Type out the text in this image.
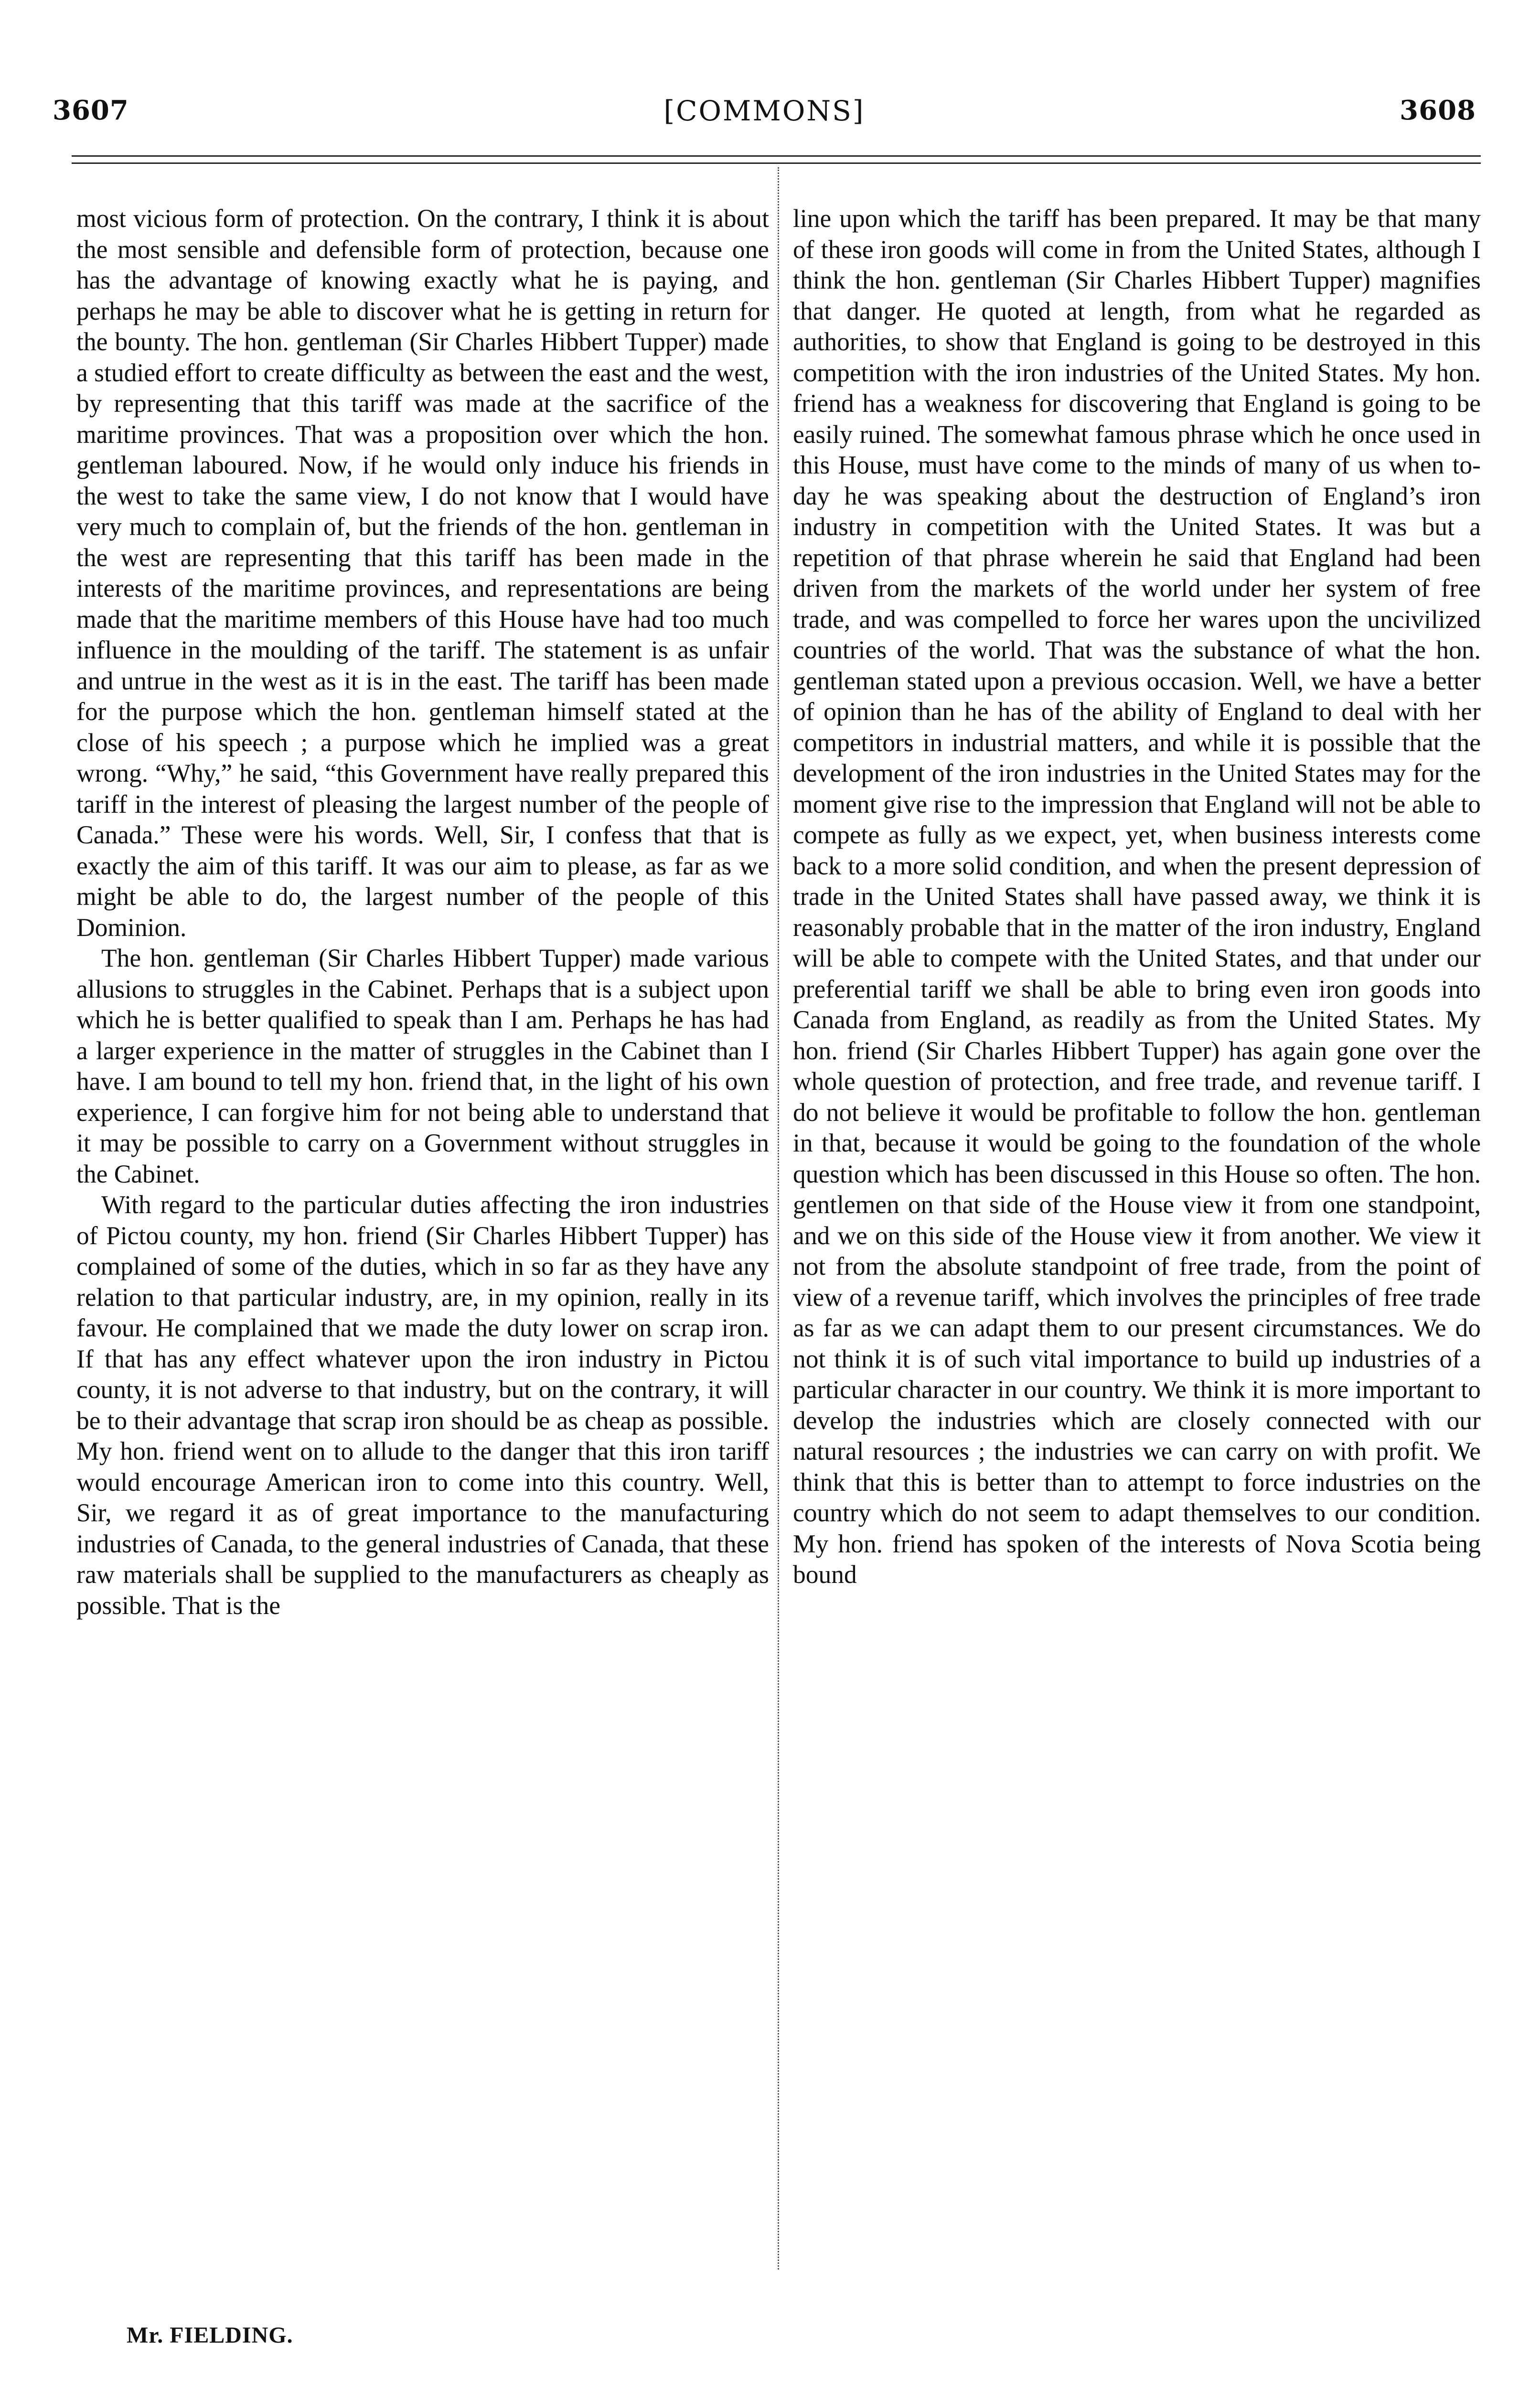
3607	[COMMONS]	3608

most vicious form of protection. On the contrary, I think it is about the most sensible and defensible form of protection, because one has the advantage of knowing exactly what he is paying, and perhaps he may be able to discover what he is getting in return for the bounty. The hon. gentleman (Sir Charles Hibbert Tupper) made a studied effort to create difficulty as between the east and the west, by representing that this tariff was made at the sacrifice of the maritime provinces. That was a proposition over which the hon. gentleman laboured. Now, if he would only induce his friends in the west to take the same view, I do not know that I would have very much to complain of, but the friends of the hon. gentleman in the west are representing that this tariff has been made in the interests of the maritime provinces, and representations are being made that the maritime members of this House have had too much influence in the moulding of the tariff. The statement is as unfair and untrue in the west as it is in the east. The tariff has been made for the purpose which the hon. gentleman himself stated at the close of his speech ; a purpose which he implied was a great wrong. “Why,” he said, “this Government have really prepared this tariff in the interest of pleasing the largest number of the people of Canada.” These were his words. Well, Sir, I confess that that is exactly the aim of this tariff. It was our aim to please, as far as we might be able to do, the largest number of the people of this Dominion.

The hon. gentleman (Sir Charles Hibbert Tupper) made various allusions to struggles in the Cabinet. Perhaps that is a subject upon which he is better qualified to speak than I am. Perhaps he has had a larger experience in the matter of struggles in the Cabinet than I have. I am bound to tell my hon. friend that, in the light of his own experience, I can forgive him for not being able to understand that it may be possible to carry on a Government without struggles in the Cabinet.

With regard to the particular duties affecting the iron industries of Pictou county, my hon. friend (Sir Charles Hibbert Tupper) has complained of some of the duties, which in so far as they have any relation to that particular industry, are, in my opinion, really in its favour. He complained that we made the duty lower on scrap iron. If that has any effect whatever upon the iron industry in Pictou county, it is not adverse to that industry, but on the contrary, it will be to their advantage that scrap iron should be as cheap as possible. My hon. friend went on to allude to the danger that this iron tariff would encourage American iron to come into this country. Well, Sir, we regard it as of great importance to the manufacturing industries of Canada, to the general industries of Canada, that these raw materials shall be supplied to the manufacturers as cheaply as possible. That is the

line upon which the tariff has been prepared. It may be that many of these iron goods will come in from the United States, although I think the hon. gentleman (Sir Charles Hibbert Tupper) magnifies that danger. He quoted at length, from what he regarded as authorities, to show that England is going to be destroyed in this competition with the iron industries of the United States. My hon. friend has a weakness for discovering that England is going to be easily ruined. The somewhat famous phrase which he once used in this House, must have come to the minds of many of us when to-day he was speaking about the destruction of England’s iron industry in competition with the United States. It was but a repetition of that phrase wherein he said that England had been driven from the markets of the world under her system of free trade, and was compelled to force her wares upon the uncivilized countries of the world. That was the substance of what the hon. gentleman stated upon a previous occasion. Well, we have a better of opinion than he has of the ability of England to deal with her competitors in industrial matters, and while it is possible that the development of the iron industries in the United States may for the moment give rise to the impression that England will not be able to compete as fully as we expect, yet, when business interests come back to a more solid condition, and when the present depression of trade in the United States shall have passed away, we think it is reasonably probable that in the matter of the iron industry, England will be able to compete with the United States, and that under our preferential tariff we shall be able to bring even iron goods into Canada from England, as readily as from the United States. My hon. friend (Sir Charles Hibbert Tupper) has again gone over the whole question of protection, and free trade, and revenue tariff. I do not believe it would be profitable to follow the hon. gentleman in that, because it would be going to the foundation of the whole question which has been discussed in this House so often. The hon. gentlemen on that side of the House view it from one standpoint, and we on this side of the House view it from another. We view it not from the absolute standpoint of free trade, from the point of view of a revenue tariff, which involves the principles of free trade as far as we can adapt them to our present circumstances. We do not think it is of such vital importance to build up industries of a particular character in our country. We think it is more important to develop the industries which are closely connected with our natural resources ; the industries we can carry on with profit. We think that this is better than to attempt to force industries on the country which do not seem to adapt themselves to our condition. My hon. friend has spoken of the interests of Nova Scotia being bound

Mr. FIELDING.
